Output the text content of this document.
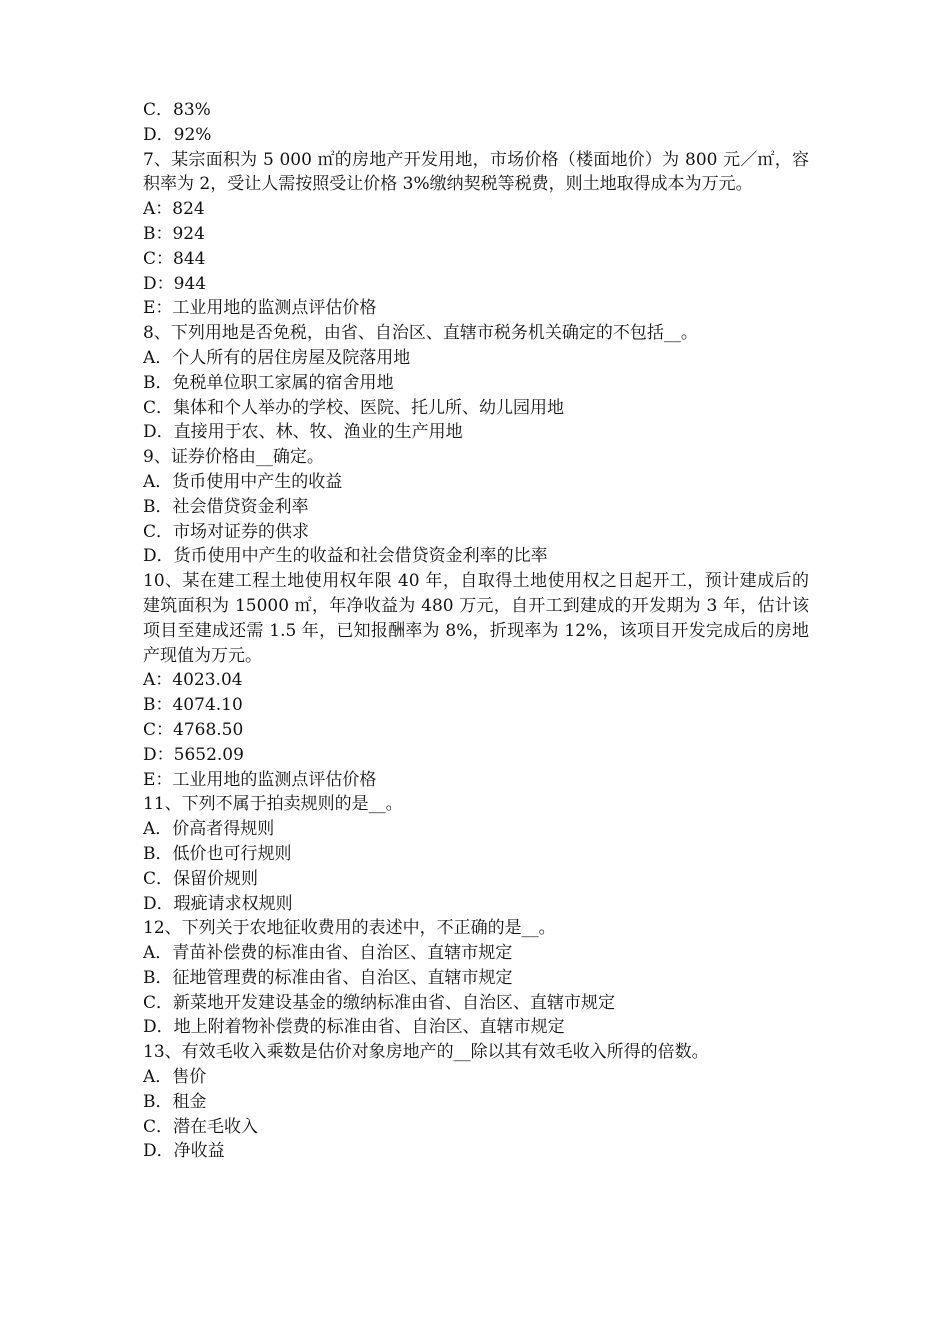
C．83%

D．92%

7、某宗面积为 5 000 ㎡的房地产开发用地，市场价格（楼面地价）为 800 元／㎡，容积率为 2，受让人需按照受让价格 3%缴纳契税等税费，则土地取得成本为万元。

A：824

B：924

C：844

D：944

E：工业用地的监测点评估价格

8、下列用地是否免税，由省、自治区、直辖市税务机关确定的不包括__。

A．个人所有的居住房屋及院落用地

B．免税单位职工家属的宿舍用地

C．集体和个人举办的学校、医院、托儿所、幼儿园用地

D．直接用于农、林、牧、渔业的生产用地

9、证券价格由__确定。

A．货币使用中产生的收益

B．社会借贷资金利率

C．市场对证券的供求

D．货币使用中产生的收益和社会借贷资金利率的比率

10、某在建工程土地使用权年限 40 年，自取得土地使用权之日起开工，预计建成后的建筑面积为 15000 ㎡，年净收益为 480 万元，自开工到建成的开发期为 3 年，估计该项目至建成还需 1.5 年，已知报酬率为 8%，折现率为 12%，该项目开发完成后的房地产现值为万元。

A：4023.04

B：4074.10

C：4768.50

D：5652.09

E：工业用地的监测点评估价格

11、下列不属于拍卖规则的是__。

A．价高者得规则

B．低价也可行规则

C．保留价规则

D．瑕疵请求权规则

12、下列关于农地征收费用的表述中，不正确的是__。

A．青苗补偿费的标准由省、自治区、直辖市规定

B．征地管理费的标准由省、自治区、直辖市规定

C．新菜地开发建设基金的缴纳标准由省、自治区、直辖市规定

D．地上附着物补偿费的标准由省、自治区、直辖市规定

13、有效毛收入乘数是估价对象房地产的__除以其有效毛收入所得的倍数。

A．售价

B．租金

C．潜在毛收入

D．净收益
